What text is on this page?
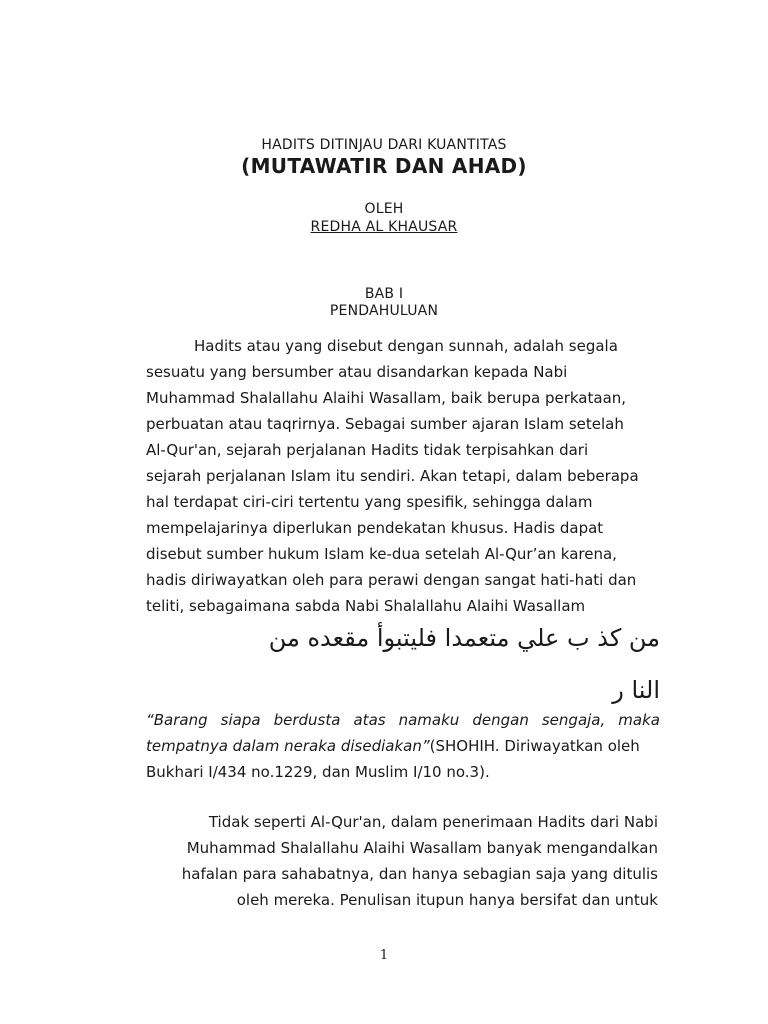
HADITS DITINJAU DARI KUANTITAS
(MUTAWATIR DAN AHAD)
OLEH
REDHA AL KHAUSAR
BAB I
PENDAHULUAN
Hadits atau yang disebut dengan sunnah, adalah segala
sesuatu yang bersumber atau disandarkan kepada Nabi
Muhammad Shalallahu Alaihi Wasallam, baik berupa perkataan,
perbuatan atau taqrirnya. Sebagai sumber ajaran Islam setelah
Al-Qur'an, sejarah perjalanan Hadits tidak terpisahkan dari
sejarah perjalanan Islam itu sendiri. Akan tetapi, dalam beberapa
hal terdapat ciri-ciri tertentu yang spesifik, sehingga dalam
mempelajarinya diperlukan pendekatan khusus. Hadis dapat
disebut sumber hukum Islam ke-dua setelah Al-Qur’an karena,
hadis diriwayatkan oleh para perawi dengan sangat hati-hati dan
teliti, sebagaimana sabda Nabi Shalallahu Alaihi Wasallam
من كذ ب علي متعمدا فليتبوأ مقعده من
النا ر
“Barang siapa berdusta atas namaku dengan sengaja, maka
tempatnya dalam neraka disediakan”(SHOHIH. Diriwayatkan oleh
Bukhari I/434 no.1229, dan Muslim I/10 no.3).
Tidak seperti Al-Qur'an, dalam penerimaan Hadits dari Nabi
Muhammad Shalallahu Alaihi Wasallam banyak mengandalkan
hafalan para sahabatnya, dan hanya sebagian saja yang ditulis
oleh mereka. Penulisan itupun hanya bersifat dan untuk
1
